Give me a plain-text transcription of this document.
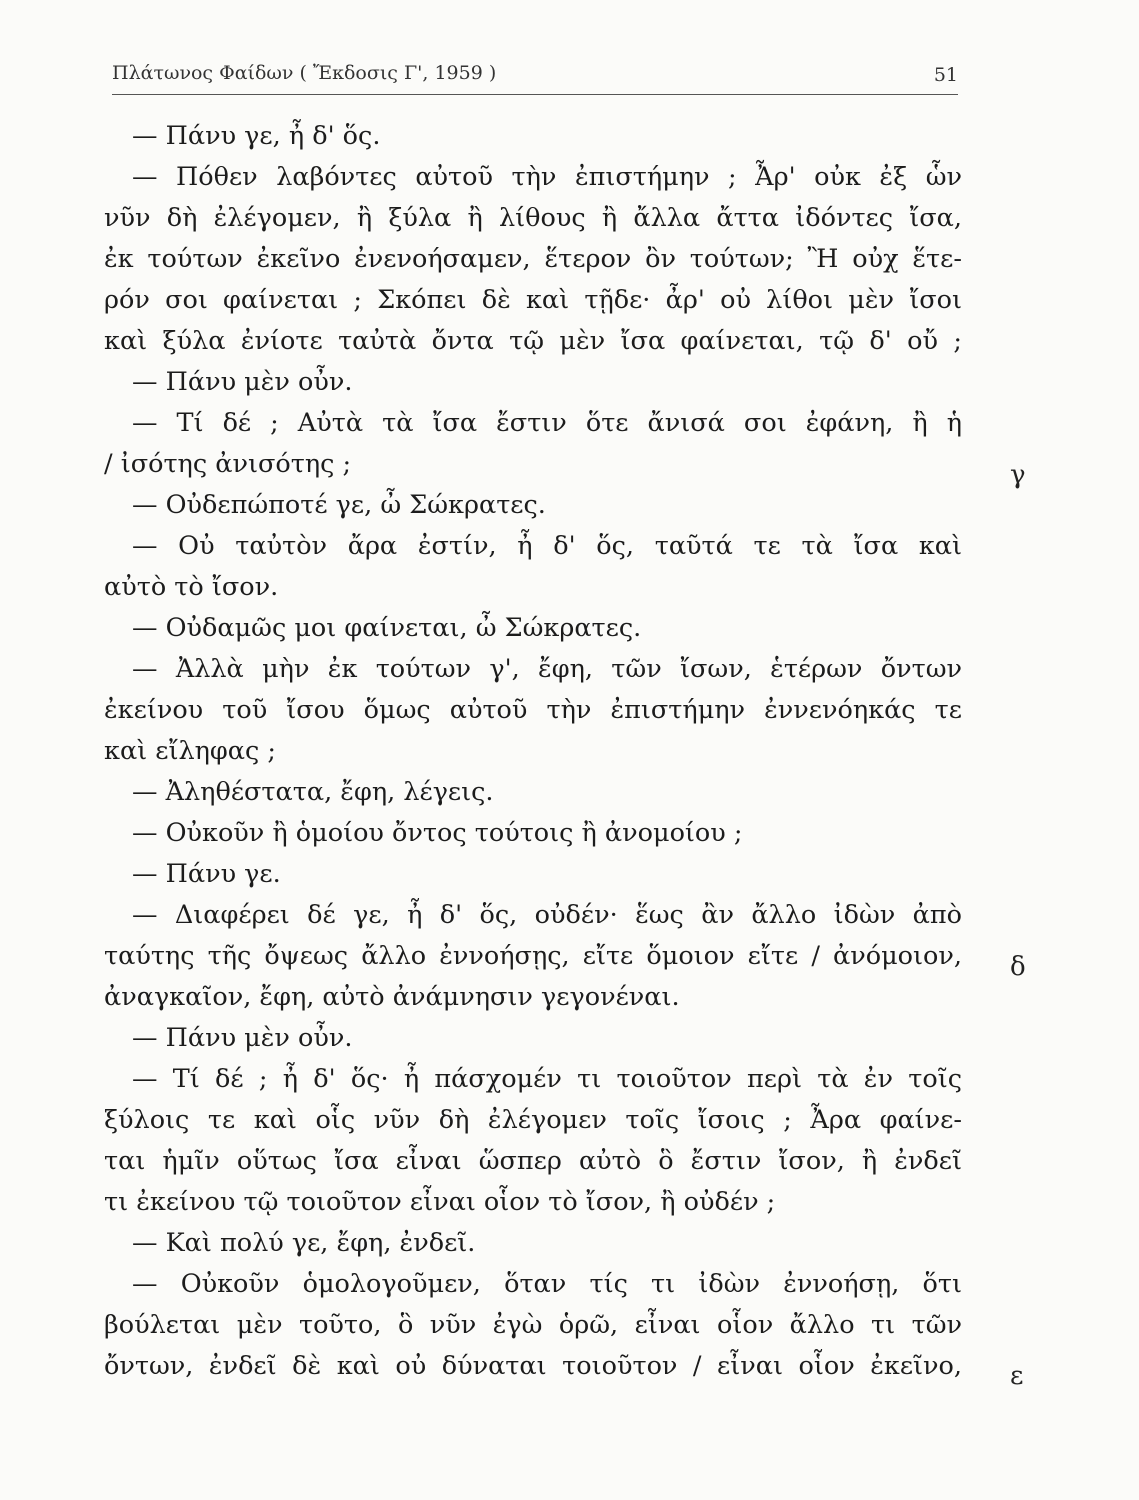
Πλάτωνος Φαίδων ( Ἔκδοσις Γ', 1959 )	51
— Πάνυ γε, ἦ δ' ὅς.
— Πόθεν λαβόντες αὐτοῦ τὴν ἐπιστήμην ; Ἆρ' οὐκ ἐξ ὧν
νῦν δὴ ἐλέγομεν, ἢ ξύλα ἢ λίθους ἢ ἄλλα ἄττα ἰδόντες ἴσα,
ἐκ τούτων ἐκεῖνο ἐνενοήσαμεν, ἕτερον ὂν τούτων; Ἢ οὐχ ἕτε-
ρόν σοι φαίνεται ; Σκόπει δὲ καὶ τῇδε· ἆρ' οὐ λίθοι μὲν ἴσοι
καὶ ξύλα ἐνίοτε ταὐτὰ ὄντα τῷ μὲν ἴσα φαίνεται, τῷ δ' οὔ ;
— Πάνυ μὲν οὖν.
— Τί δέ ; Αὐτὰ τὰ ἴσα ἔστιν ὅτε ἄνισά σοι ἐφάνη, ἢ ἡ
/ ἰσότης ἀνισότης ;
— Οὐδεπώποτέ γε, ὦ Σώκρατες.
— Οὐ ταὐτὸν ἄρα ἐστίν, ἦ δ' ὅς, ταῦτά τε τὰ ἴσα καὶ
αὐτὸ τὸ ἴσον.
— Οὐδαμῶς μοι φαίνεται, ὦ Σώκρατες.
— Ἀλλὰ μὴν ἐκ τούτων γ', ἔφη, τῶν ἴσων, ἑτέρων ὄντων
ἐκείνου τοῦ ἴσου ὅμως αὐτοῦ τὴν ἐπιστήμην ἐννενόηκάς τε
καὶ εἴληφας ;
— Ἀληθέστατα, ἔφη, λέγεις.
— Οὐκοῦν ἢ ὁμοίου ὄντος τούτοις ἢ ἀνομοίου ;
— Πάνυ γε.
— Διαφέρει δέ γε, ἦ δ' ὅς, οὐδέν· ἕως ἂν ἄλλο ἰδὼν ἀπὸ
ταύτης τῆς ὄψεως ἄλλο ἐννοήσῃς, εἴτε ὅμοιον εἴτε / ἀνόμοιον,
ἀναγκαῖον, ἔφη, αὐτὸ ἀνάμνησιν γεγονέναι.
— Πάνυ μὲν οὖν.
— Τί δέ ; ἦ δ' ὅς· ἦ πάσχομέν τι τοιοῦτον περὶ τὰ ἐν τοῖς
ξύλοις τε καὶ οἷς νῦν δὴ ἐλέγομεν τοῖς ἴσοις ; Ἆρα φαίνε-
ται ἡμῖν οὕτως ἴσα εἶναι ὥσπερ αὐτὸ ὃ ἔστιν ἴσον, ἢ ἐνδεῖ
τι ἐκείνου τῷ τοιοῦτον εἶναι οἷον τὸ ἴσον, ἢ οὐδέν ;
— Καὶ πολύ γε, ἔφη, ἐνδεῖ.
— Οὐκοῦν ὁμολογοῦμεν, ὅταν τίς τι ἰδὼν ἐννοήσῃ, ὅτι
βούλεται μὲν τοῦτο, ὃ νῦν ἐγὼ ὁρῶ, εἶναι οἷον ἄλλο τι τῶν
ὄντων, ἐνδεῖ δὲ καὶ οὐ δύναται τοιοῦτον / εἶναι οἷον ἐκεῖνο,
γ
δ
ε
